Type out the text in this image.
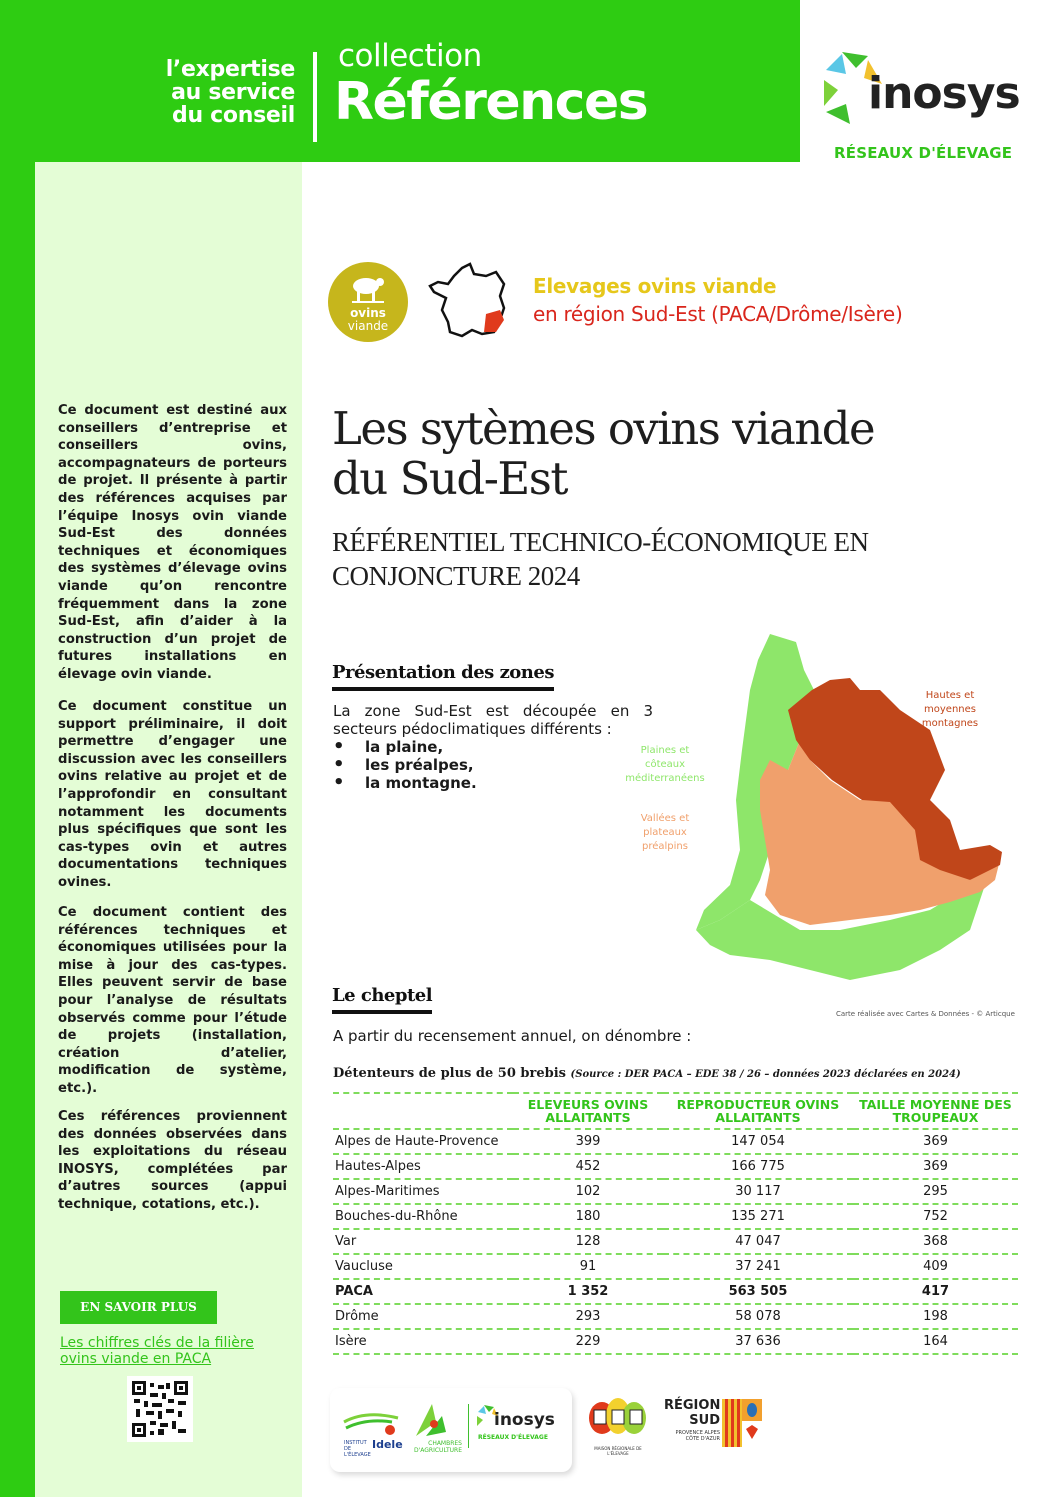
l’expertise
au service
du conseil
collection
Références	inosys
RÉSEAUX D'ÉLEVAGE
ovins
viande
Elevages ovins viande
en région Sud-Est (PACA/Drôme/Isère)
Les sytèmes ovins viande
du Sud-Est
RÉFÉRENTIEL TECHNICO-ÉCONOMIQUE EN
CONJONCTURE 2024
Ce document est destiné aux conseillers d’entreprise et conseillers ovins, accompagnateurs de porteurs de projet. Il présente à partir des références acquises par l’équipe Inosys ovin viande Sud-Est des données techniques et économiques des systèmes d’élevage ovins viande qu’on rencontre fréquemment dans la zone Sud-Est, afin d’aider à la construction d’un projet de futures installations en élevage ovin viande.
Ce document constitue un support préliminaire, il doit permettre d’engager une discussion avec les conseillers ovins relative au projet et de l’approfondir en consultant notamment les documents plus spécifiques que sont les cas-types ovin et autres documentations techniques ovines.
Ce document contient des références techniques et économiques utilisées pour la mise à jour des cas-types. Elles peuvent servir de base pour l’analyse de résultats observés comme pour l’étude de projets (installation, création d’atelier, modification de système, etc.).
Ces références proviennent des données observées dans les exploitations du réseau INOSYS, complétées par d’autres sources (appui technique, cotations, etc.).
EN SAVOIR PLUS
Les chiffres clés de la filière ovins viande en PACA
Présentation des zones
La zone Sud-Est est découpée en 3 secteurs pédoclimatiques différents :
• la plaine,
• les préalpes,
• la montagne.
Plaines et côteaux méditerranéens
Vallées et plateaux préalpins
Hautes et moyennes montagnes
Carte réalisée avec Cartes & Données - © Articque
Le cheptel
A partir du recensement annuel, on dénombre :
Détenteurs de plus de 50 brebis (Source : DER PACA – EDE 38 / 26 – données 2023 déclarées en 2024)
	ELEVEURS OVINS ALLAITANTS	REPRODUCTEUR OVINS ALLAITANTS	TAILLE MOYENNE DES TROUPEAUX
Alpes de Haute-Provence	399	147 054	369
Hautes-Alpes	452	166 775	369
Alpes-Maritimes	102	30 117	295
Bouches-du-Rhône	180	135 271	752
Var	128	47 047	368
Vaucluse	91	37 241	409
PACA	1 352	563 505	417
Drôme	293	58 078	198
Isère	229	37 636	164
INSTITUT DE L'ÉLEVAGE
Idele	CHAMBRES D'AGRICULTURE
inosys
RÉSEAUX D'ÉLEVAGE
MAISON RÉGIONALE DE L'ÉLEVAGE
RÉGION
SUD
PROVENCE ALPES CÔTE D'AZUR
